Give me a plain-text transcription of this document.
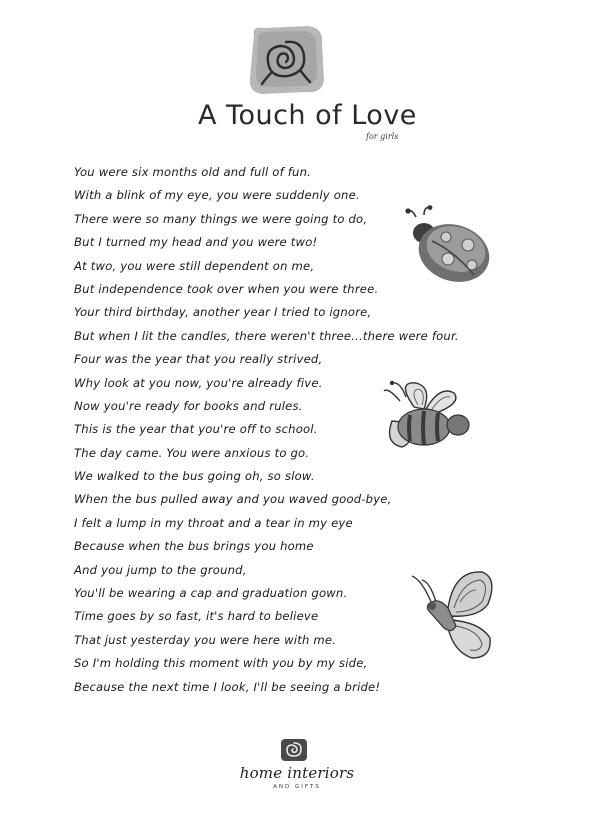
A Touch of Love
for girls
You were six months old and full of fun.
With a blink of my eye, you were suddenly one.
There were so many things we were going to do,
But I turned my head and you were two!
At two, you were still dependent on me,
But independence took over when you were three.
Your third birthday, another year I tried to ignore,
But when I lit the candles, there weren't three...there were four.
Four was the year that you really strived,
Why look at you now, you're already five.
Now you're ready for books and rules.
This is the year that you're off to school.
The day came. You were anxious to go.
We walked to the bus going oh, so slow.
When the bus pulled away and you waved good-bye,
I felt a lump in my throat and a tear in my eye
Because when the bus brings you home
And you jump to the ground,
You'll be wearing a cap and graduation gown.
Time goes by so fast, it's hard to believe
That just yesterday you were here with me.
So I'm holding this moment with you by my side,
Because the next time I look, I'll be seeing a bride!
home interiors
AND GIFTS
